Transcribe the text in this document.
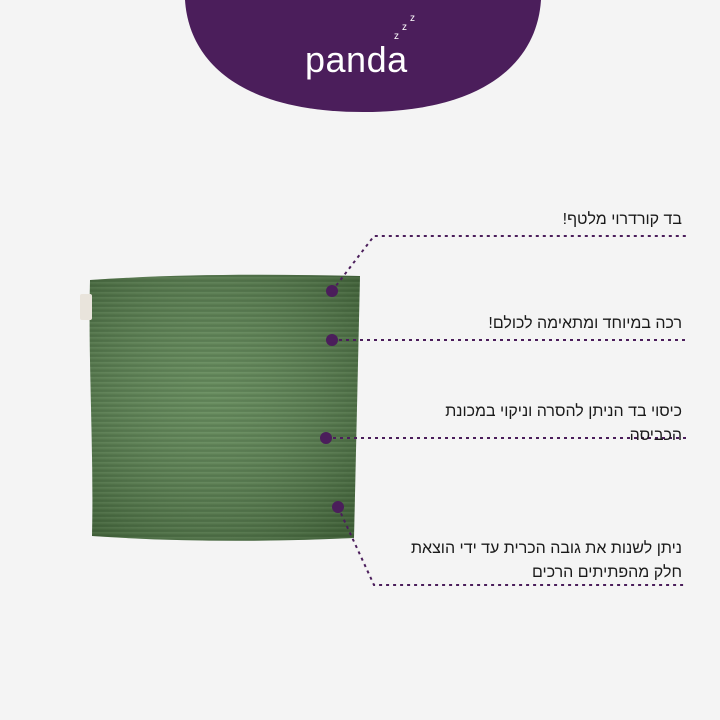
panda
z
z
z
בד קורדרוי מלטף!
רכה במיוחד ומתאימה לכולם!
כיסוי בד הניתן להסרה וניקוי במכונת הכביסה
ניתן לשנות את גובה הכרית עד ידי הוצאת חלק מהפתיתים הרכים
